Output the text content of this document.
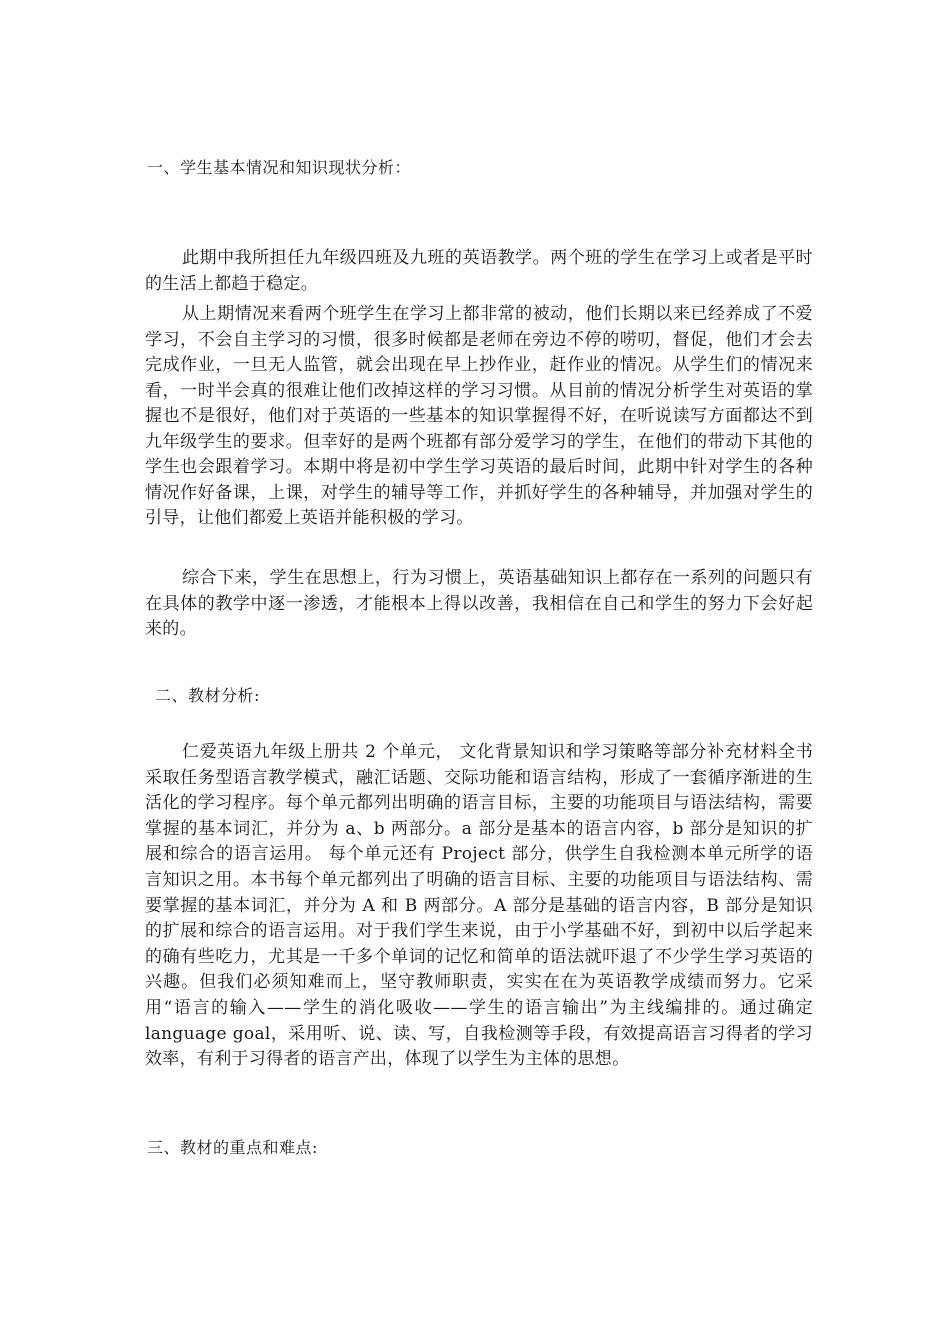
一、学生基本情况和知识现状分析：

此期中我所担任九年级四班及九班的英语教学。两个班的学生在学习上或者是平时的生活上都趋于稳定。

从上期情况来看两个班学生在学习上都非常的被动，他们长期以来已经养成了不爱学习，不会自主学习的习惯，很多时候都是老师在旁边不停的唠叨，督促，他们才会去完成作业，一旦无人监管，就会出现在早上抄作业，赶作业的情况。从学生们的情况来看，一时半会真的很难让他们改掉这样的学习习惯。从目前的情况分析学生对英语的掌握也不是很好，他们对于英语的一些基本的知识掌握得不好，在听说读写方面都达不到九年级学生的要求。但幸好的是两个班都有部分爱学习的学生，在他们的带动下其他的学生也会跟着学习。本期中将是初中学生学习英语的最后时间，此期中针对学生的各种情况作好备课，上课，对学生的辅导等工作，并抓好学生的各种辅导，并加强对学生的引导，让他们都爱上英语并能积极的学习。

综合下来，学生在思想上，行为习惯上，英语基础知识上都存在一系列的问题只有在具体的教学中逐一渗透，才能根本上得以改善，我相信在自己和学生的努力下会好起来的。

二、教材分析:

仁爱英语九年级上册共 2 个单元， 文化背景知识和学习策略等部分补充材料全书采取任务型语言教学模式，融汇话题、交际功能和语言结构，形成了一套循序渐进的生活化的学习程序。每个单元都列出明确的语言目标，主要的功能项目与语法结构，需要掌握的基本词汇，并分为 a、b 两部分。a 部分是基本的语言内容，b 部分是知识的扩展和综合的语言运用。 每个单元还有 Project 部分，供学生自我检测本单元所学的语言知识之用。本书每个单元都列出了明确的语言目标、主要的功能项目与语法结构、需要掌握的基本词汇，并分为 A 和 B 两部分。A 部分是基础的语言内容，B 部分是知识的扩展和综合的语言运用。对于我们学生来说，由于小学基础不好，到初中以后学起来的确有些吃力，尤其是一千多个单词的记忆和简单的语法就吓退了不少学生学习英语的兴趣。但我们必须知难而上，坚守教师职责，实实在在为英语教学成绩而努力。它采用“语言的输入——学生的消化吸收——学生的语言输出”为主线编排的。通过确定 language goal，采用听、说、读、写，自我检测等手段，有效提高语言习得者的学习效率，有利于习得者的语言产出，体现了以学生为主体的思想。

三、教材的重点和难点:
